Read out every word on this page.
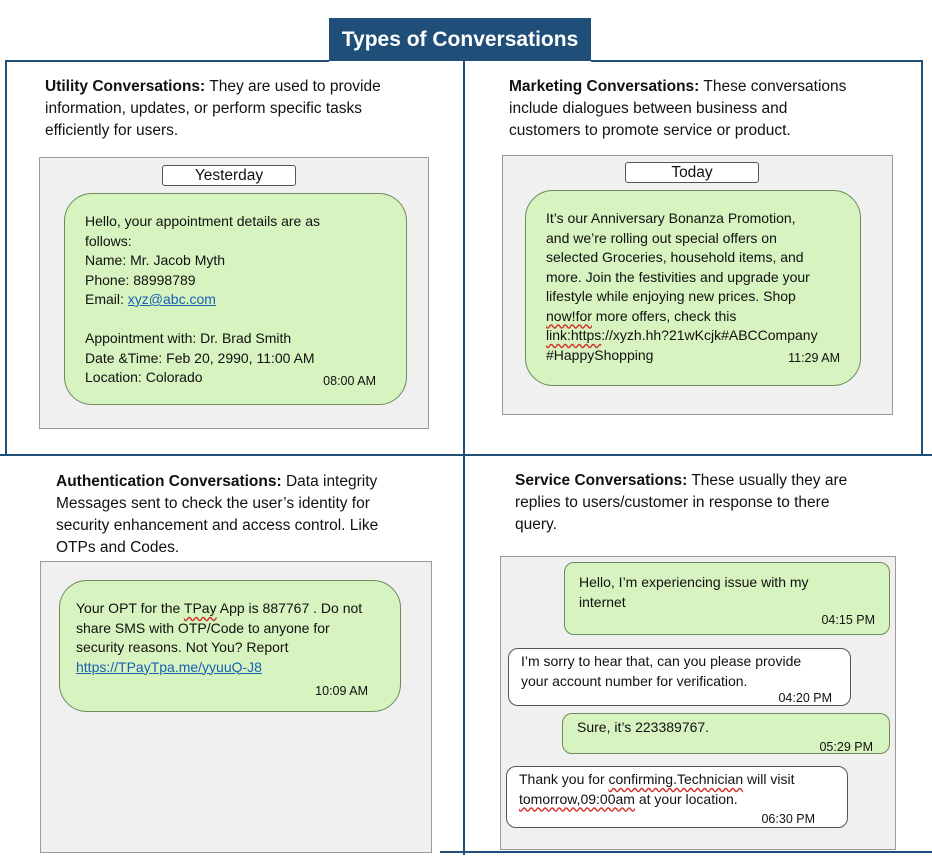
Types of Conversations
Utility Conversations: They are used to provide
information, updates, or perform specific tasks
efficiently for users.
Yesterday
Hello, your appointment details are as
follows:
Name: Mr. Jacob Myth
Phone: 88998789
Email: xyz@abc.com
Appointment with: Dr. Brad Smith
Date &Time: Feb 20, 2990, 11:00 AM
Location: Colorado	08:00 AM
Marketing Conversations: These conversations
include dialogues between business and
customers to promote service or product.
Today
It’s our Anniversary Bonanza Promotion,
and we’re rolling out special offers on
selected Groceries, household items, and
more. Join the festivities and upgrade your
lifestyle while enjoying new prices. Shop
now!for more offers, check this
link:https://xyzh.hh?21wKcjk#ABCCompany
#HappyShopping	11:29 AM
Authentication Conversations: Data integrity
Messages sent to check the user’s identity for
security enhancement and access control. Like
OTPs and Codes.
Your OPT for the TPay App is 887767 . Do not
share SMS with OTP/Code to anyone for
security reasons. Not You? Report
https://TPayTpa.me/yyuuQ-J8
10:09 AM
Service Conversations: These usually they are
replies to users/customer in response to there
query.
Hello, I’m experiencing issue with my
internet
04:15 PM
I’m sorry to hear that, can you please provide
your account number for verification.
04:20 PM
Sure, it’s 223389767.
05:29 PM
Thank you for confirming.Technician will visit
tomorrow,09:00am at your location.
06:30 PM
